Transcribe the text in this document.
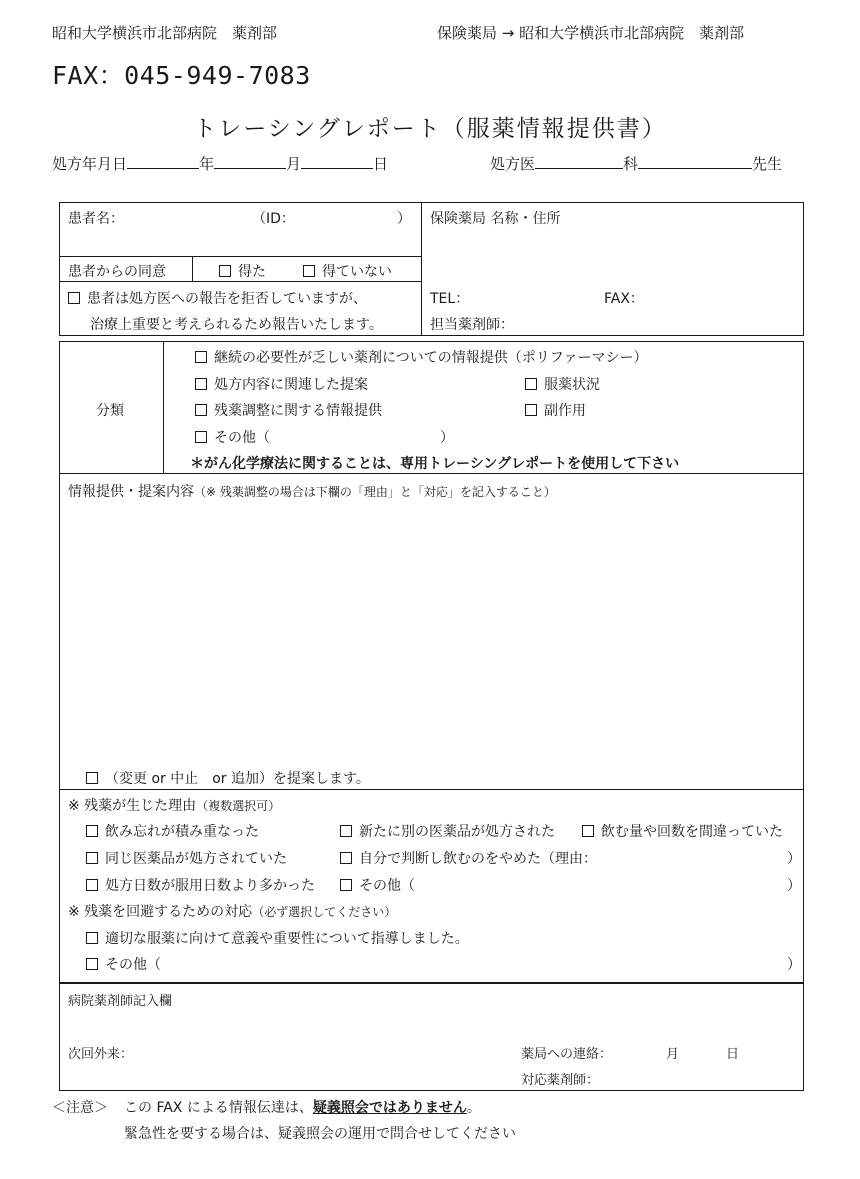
昭和大学横浜市北部病院　薬剤部	保険薬局 → 昭和大学横浜市北部病院　薬剤部
FAX：045-949-7083
トレーシングレポート（服薬情報提供書）
処方年月日	年	月	日	処方医	科	先生
患者名：	（ID：	）
患者からの同意	得た	得ていない
患者は処方医への報告を拒否していますが、
治療上重要と考えられるため報告いたします。
保険薬局 名称・住所
TEL：	FAX：
担当薬剤師：
分類
継続の必要性が乏しい薬剤についての情報提供（ポリファーマシー）
処方内容に関連した提案	服薬状況
残薬調整に関する情報提供	副作用
その他（	）
＊がん化学療法に関することは、専用トレーシングレポートを使用して下さい
情報提供・提案内容（※ 残薬調整の場合は下欄の「理由」と「対応」を記入すること）
（変更 or 中止　or 追加）を提案します。
※ 残薬が生じた理由（複数選択可）
飲み忘れが積み重なった	新たに別の医薬品が処方された	飲む量や回数を間違っていた
同じ医薬品が処方されていた	自分で判断し飲むのをやめた（理由：	）
処方日数が服用日数より多かった	その他（	）
※ 残薬を回避するための対応（必ず選択してください）
適切な服薬に向けて意義や重要性について指導しました。
その他（	）
病院薬剤師記入欄
次回外来：	薬局への連絡：	月	日
対応薬剤師：
＜注意＞ この FAX による情報伝達は、疑義照会ではありません。
緊急性を要する場合は、疑義照会の運用で問合せしてください
